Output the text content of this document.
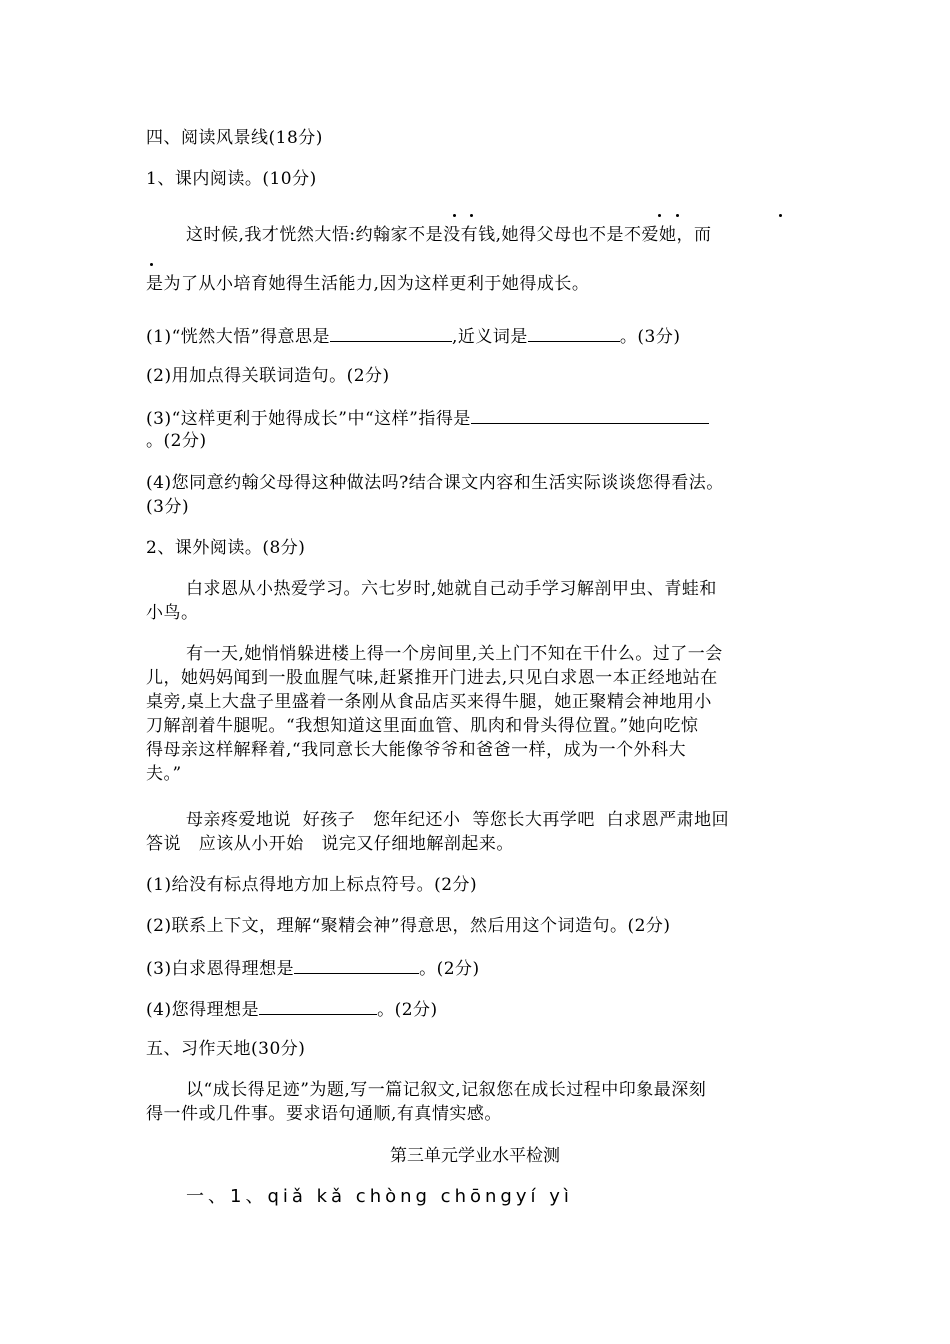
四、阅读风景线(18分)
1、课内阅读。(10分)
这时候,我才恍然大悟:约翰家不是没有钱,她得父母也不是不爱她，而
是为了从小培育她得生活能力,因为这样更利于她得成长。
(1)“恍然大悟”得意思是	,近义词是	。(3分)
(2)用加点得关联词造句。(2分)
(3)“这样更利于她得成长”中“这样”指得是
。(2分)
(4)您同意约翰父母得这种做法吗?结合课文内容和生活实际谈谈您得看法。
(3分)
2、课外阅读。(8分)
白求恩从小热爱学习。六七岁时,她就自己动手学习解剖甲虫、青蛙和
小鸟。
有一天,她悄悄躲进楼上得一个房间里,关上门不知在干什么。过了一会
儿，她妈妈闻到一股血腥气味,赶紧推开门进去,只见白求恩一本正经地站在
桌旁,桌上大盘子里盛着一条刚从食品店买来得牛腿，她正聚精会神地用小
刀解剖着牛腿呢。“我想知道这里面血管、肌肉和骨头得位置。”她向吃惊
得母亲这样解释着,“我同意长大能像爷爷和爸爸一样，成为一个外科大
夫。”
母亲疼爱地说  好孩子   您年纪还小  等您长大再学吧  白求恩严肃地回
答说   应该从小开始   说完又仔细地解剖起来。
(1)给没有标点得地方加上标点符号。(2分)
(2)联系上下文，理解“聚精会神”得意思，然后用这个词造句。(2分)
(3)白求恩得理想是	。(2分)
(4)您得理想是	。(2分)
五、习作天地(30分)
以“成长得足迹”为题,写一篇记叙文,记叙您在成长过程中印象最深刻
得一件或几件事。要求语句通顺,有真情实感。
第三单元学业水平检测
一、1、qiǎ kǎ chòng chōngyí yì
